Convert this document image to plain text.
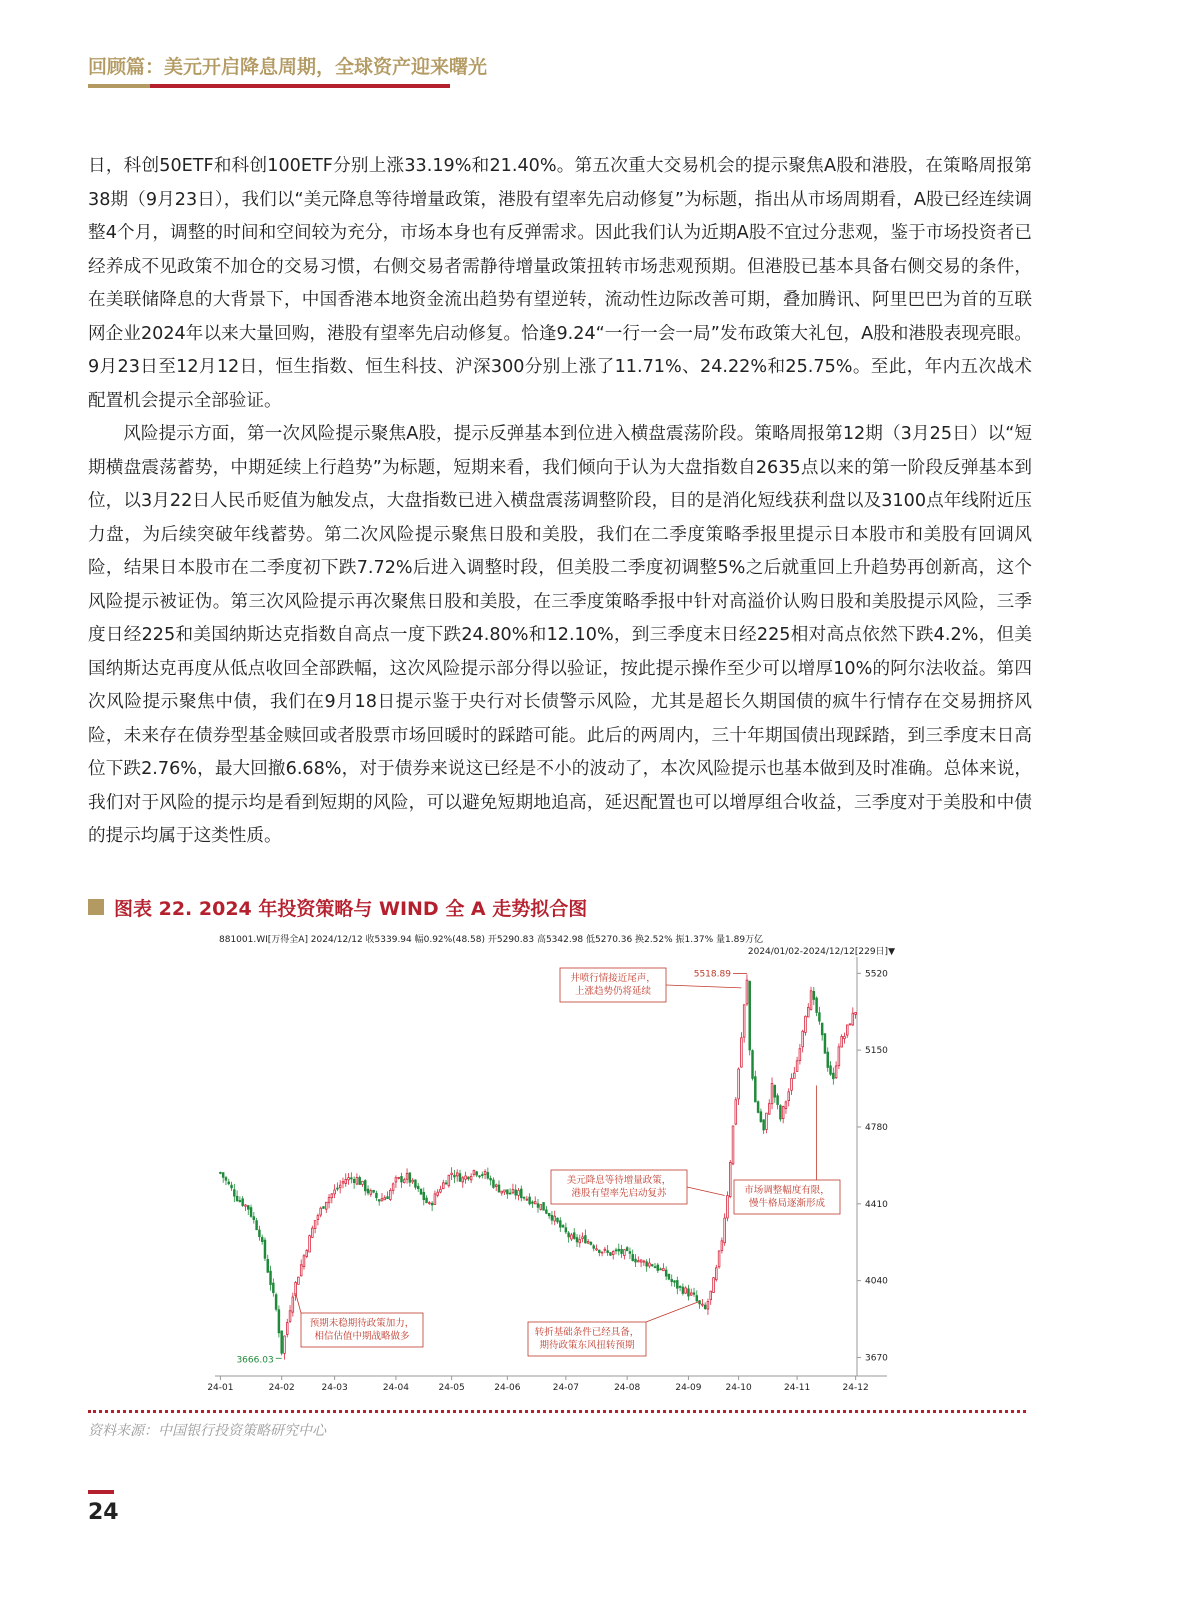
回顾篇：美元开启降息周期，全球资产迎来曙光

日，科创50ETF和科创100ETF分别上涨33.19%和21.40%。第五次重大交易机会的提示聚焦A股和港股，在策略周报第38期（9月23日），我们以“美元降息等待增量政策，港股有望率先启动修复”为标题，指出从市场周期看，A股已经连续调整4个月，调整的时间和空间较为充分，市场本身也有反弹需求。因此我们认为近期A股不宜过分悲观，鉴于市场投资者已经养成不见政策不加仓的交易习惯，右侧交易者需静待增量政策扭转市场悲观预期。但港股已基本具备右侧交易的条件，在美联储降息的大背景下，中国香港本地资金流出趋势有望逆转，流动性边际改善可期，叠加腾讯、阿里巴巴为首的互联网企业2024年以来大量回购，港股有望率先启动修复。恰逢9.24“一行一会一局”发布政策大礼包，A股和港股表现亮眼。9月23日至12月12日，恒生指数、恒生科技、沪深300分别上涨了11.71%、24.22%和25.75%。至此，年内五次战术配置机会提示全部验证。

风险提示方面，第一次风险提示聚焦A股，提示反弹基本到位进入横盘震荡阶段。策略周报第12期（3月25日）以“短期横盘震荡蓄势，中期延续上行趋势”为标题，短期来看，我们倾向于认为大盘指数自2635点以来的第一阶段反弹基本到位，以3月22日人民币贬值为触发点，大盘指数已进入横盘震荡调整阶段，目的是消化短线获利盘以及3100点年线附近压力盘，为后续突破年线蓄势。第二次风险提示聚焦日股和美股，我们在二季度策略季报里提示日本股市和美股有回调风险，结果日本股市在二季度初下跌7.72%后进入调整时段，但美股二季度初调整5%之后就重回上升趋势再创新高，这个风险提示被证伪。第三次风险提示再次聚焦日股和美股，在三季度策略季报中针对高溢价认购日股和美股提示风险，三季度日经225和美国纳斯达克指数自高点一度下跌24.80%和12.10%，到三季度末日经225相对高点依然下跌4.2%，但美国纳斯达克再度从低点收回全部跌幅，这次风险提示部分得以验证，按此提示操作至少可以增厚10%的阿尔法收益。第四次风险提示聚焦中债，我们在9月18日提示鉴于央行对长债警示风险，尤其是超长久期国债的疯牛行情存在交易拥挤风险，未来存在债券型基金赎回或者股票市场回暖时的踩踏可能。此后的两周内，三十年期国债出现踩踏，到三季度末日高位下跌2.76%，最大回撤6.68%，对于债券来说这已经是不小的波动了，本次风险提示也基本做到及时准确。总体来说，我们对于风险的提示均是看到短期的风险，可以避免短期地追高，延迟配置也可以增厚组合收益，三季度对于美股和中债的提示均属于这类性质。

图表 22. 2024 年投资策略与 WIND 全 A 走势拟合图
881001.WI[万得全A] 2024/12/12 收5339.94 幅0.92%(48.58) 开5290.83 高5342.98 低5270.36 换2.52% 振1.37% 量1.89万亿
2024/01/02-2024/12/12[229日]▼
5520
5150
4780
4410
4040
3670
24-01	24-02	24-03	24-04	24-05	24-06	24-07	24-08	24-09	24-10	24-11	24-12
5518.89
3666.03
井喷行情接近尾声，
上涨趋势仍将延续
美元降息等待增量政策，
港股有望率先启动复苏	市场调整幅度有限，
慢牛格局逐渐形成
预期未稳期待政策加力，
相信估值中期战略做多	转折基础条件已经具备，
期待政策东风扭转预期
资料来源：中国银行投资策略研究中心
24
